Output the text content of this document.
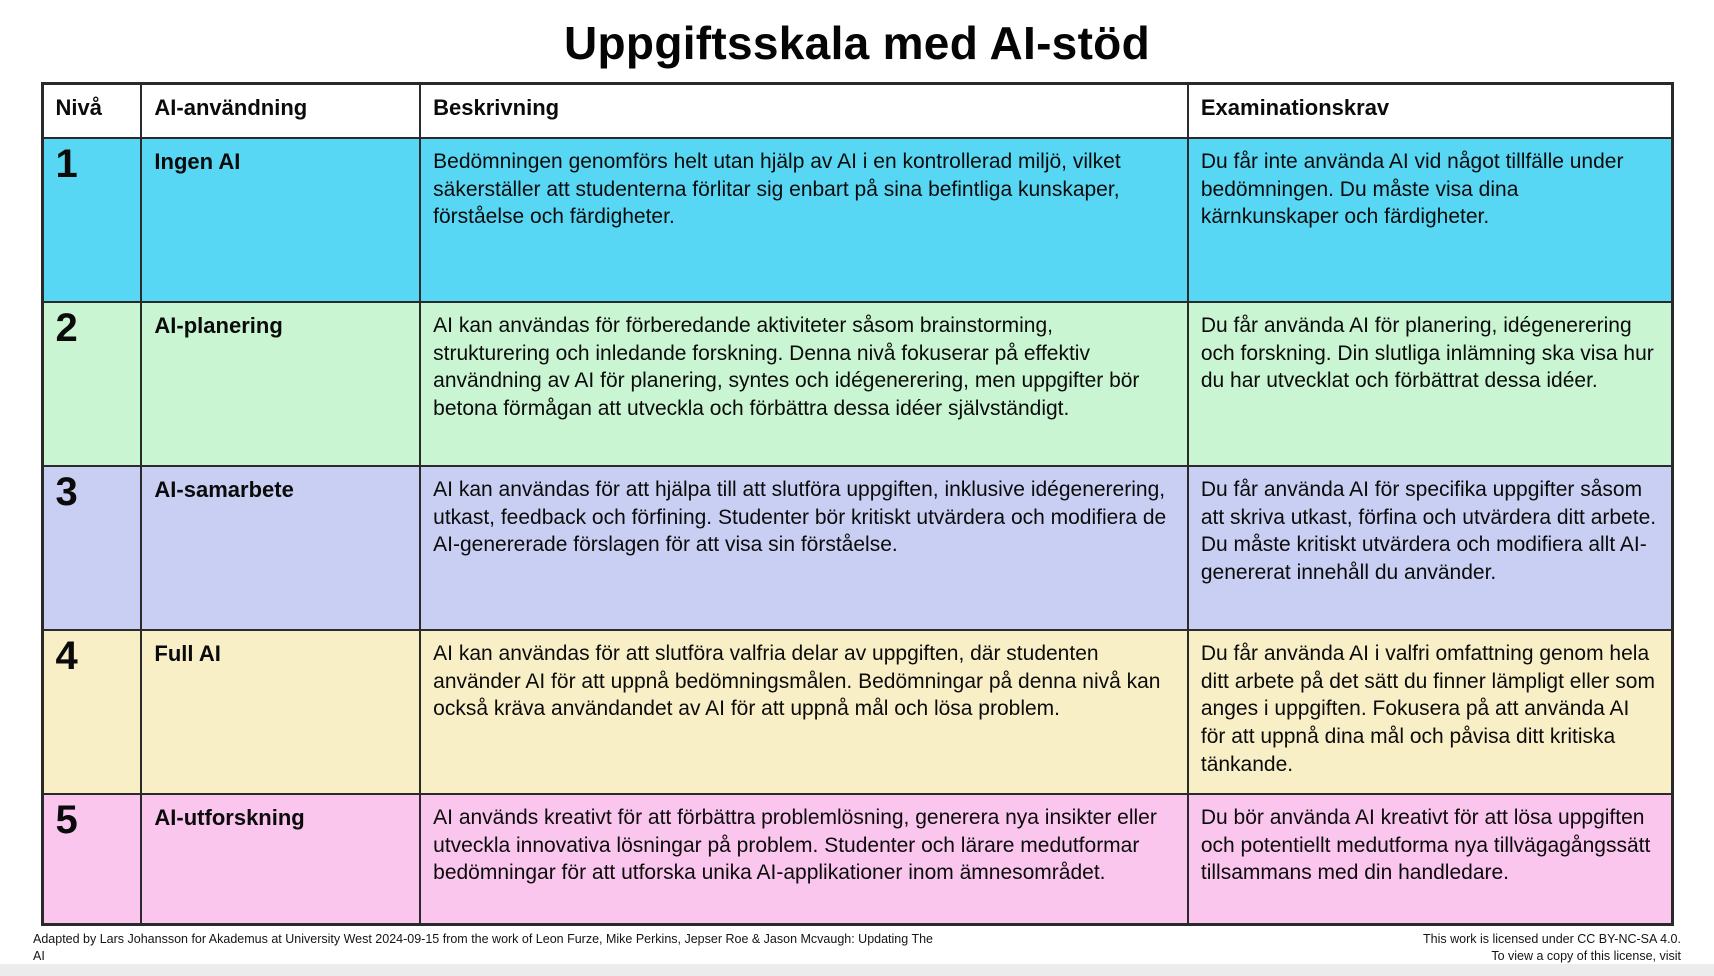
Uppgiftsskala med AI-stöd
Nivå	AI-användning	Beskrivning	Examinationskrav
1	Ingen AI	Bedömningen genomförs helt utan hjälp av AI i en kontrollerad miljö, vilket säkerställer att studenterna förlitar sig enbart på sina befintliga kunskaper, förståelse och färdigheter.	Du får inte använda AI vid något tillfälle under bedömningen. Du måste visa dina kärnkunskaper och färdigheter.
2	AI-planering	AI kan användas för förberedande aktiviteter såsom brainstorming, strukturering och inledande forskning. Denna nivå fokuserar på effektiv användning av AI för planering, syntes och idégenerering, men uppgifter bör betona förmågan att utveckla och förbättra dessa idéer självständigt.	Du får använda AI för planering, idégenerering och forskning. Din slutliga inlämning ska visa hur du har utvecklat och förbättrat dessa idéer.
3	AI-samarbete	AI kan användas för att hjälpa till att slutföra uppgiften, inklusive idégenerering, utkast, feedback och förfining. Studenter bör kritiskt utvärdera och modifiera de AI-genererade förslagen för att visa sin förståelse.	Du får använda AI för specifika uppgifter såsom att skriva utkast, förfina och utvärdera ditt arbete. Du måste kritiskt utvärdera och modifiera allt AI-genererat innehåll du använder.
4	Full AI	AI kan användas för att slutföra valfria delar av uppgiften, där studenten använder AI för att uppnå bedömningsmålen. Bedömningar på denna nivå kan också kräva användandet av AI för att uppnå mål och lösa problem.	Du får använda AI i valfri omfattning genom hela ditt arbete på det sätt du finner lämpligt eller som anges i uppgiften. Fokusera på att använda AI för att uppnå dina mål och påvisa ditt kritiska tänkande.
5	AI-utforskning	AI används kreativt för att förbättra problemlösning, generera nya insikter eller utveckla innovativa lösningar på problem. Studenter och lärare medutformar bedömningar för att utforska unika AI-applikationer inom ämnesområdet.	Du bör använda AI kreativt för att lösa uppgiften och potentiellt medutforma nya tillvägagångssätt tillsammans med din handledare.
Adapted by Lars Johansson for Akademus at University West 2024-09-15 from the work of Leon Furze, Mike Perkins, Jepser Roe & Jason Mcvaugh: Updating The AI

This work is licensed under CC BY-NC-SA 4.0.
To view a copy of this license, visit
